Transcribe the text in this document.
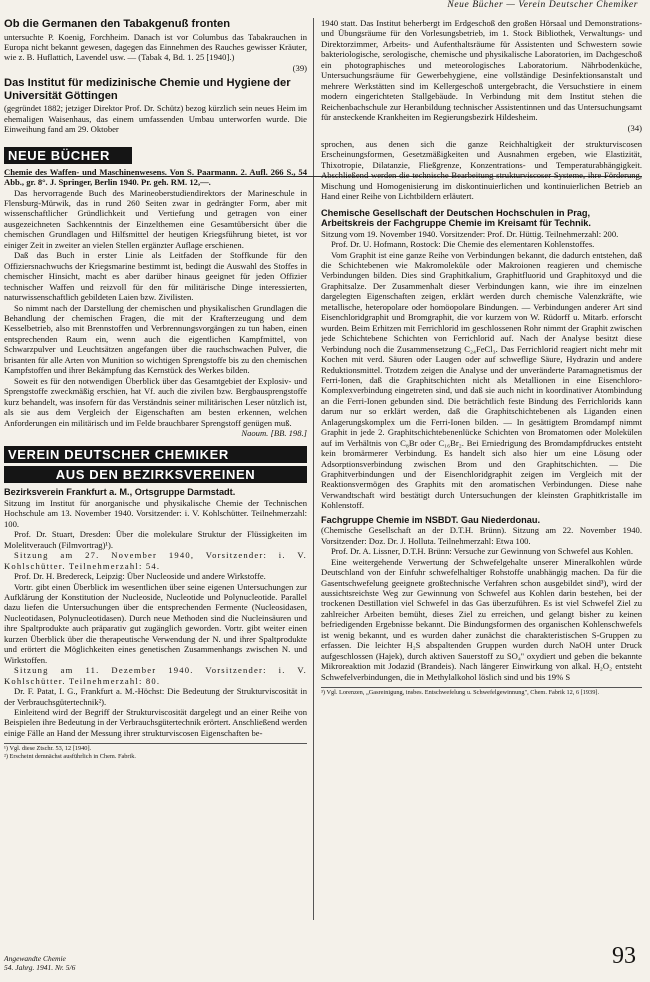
Neue Bücher — Verein Deutscher Chemiker
Ob die Germanen den Tabakgenuß fronten

untersuchte P. Koenig, Forchheim. Danach ist vor Columbus das Tabakrauchen in Europa nicht bekannt gewesen, dagegen das Einnehmen des Rauches gewisser Kräuter, wie z. B. Huflattich, Lavendel usw. — (Tabak 4, Bd. 1. 25 [1940].)

(39)

Das Institut für medizinische Chemie und Hygiene der Universität Göttingen

(gegründet 1882; jetziger Direktor Prof. Dr. Schütz) bezog kürzlich sein neues Heim im ehemaligen Waisenhaus, das einem umfassenden Umbau unterworfen wurde. Die Einweihung fand am 29. Oktober

NEUE BÜCHER

Chemie des Waffen- und Maschinenwesens. Von S. Paarmann. 2. Aufl. 266 S., 54 Abb., gr. 8°. J. Springer, Berlin 1940. Pr. geh. RM. 12,—.

Das hervorragende Buch des Marineoberstudiendirektors der Marineschule in Flensburg-Mürwik, das in rund 260 Seiten zwar in gedrängter Form, aber mit wissenschaftlicher Gründlichkeit und Vertiefung und getragen von einer ausgezeichneten Sachkenntnis der Einzelthemen eine Gesamtübersicht über die chemischen Grundlagen und Hilfsmittel der heutigen Kriegsführung bietet, ist vor einiger Zeit in zweiter an vielen Stellen ergänzter Auflage erschienen.

Daß das Buch in erster Linie als Leitfaden der Stoffkunde für den Offiziersnachwuchs der Kriegsmarine bestimmt ist, bedingt die Auswahl des Stoffes in chemischer Hinsicht, macht es aber darüber hinaus geeignet für jeden Offizier technischer Waffen und reizvoll für den für militärische Dinge interessierten, naturwissenschaftlich gebildeten Laien bzw. Zivilisten.

So nimmt nach der Darstellung der chemischen und physikalischen Grundlagen die Behandlung der chemischen Fragen, die mit der Krafterzeugung und dem Kesselbetrieb, also mit Brennstoffen und Verbrennungsvorgängen zu tun haben, einen entsprechenden Raum ein, wenn auch die eigentlichen Kampfmittel, von Schwarzpulver und Leuchtsätzen angefangen über die rauchschwachen Pulver, die brisanten für alle Arten von Munition so wichtigen Sprengstoffe bis zu den chemischen Kampfstoffen und ihrer Bekämpfung das Kernstück des Werkes bilden.

Soweit es für den notwendigen Überblick über das Gesamtgebiet der Explosiv- und Sprengstoffe zweckmäßig erschien, hat Vf. auch die zivilen bzw. Bergbausprengstoffe kurz behandelt, was insofern für das Verständnis seiner militärischen Leser nützlich ist, als sie aus dem Vergleich der Eigenschaften am besten erkennen, welchen Anforderungen ein militärisch und im Felde brauchbarer Sprengstoff genügen muß.

Naoum. [BB. 198.]

VEREIN DEUTSCHER CHEMIKER
AUS DEN BEZIRKSVEREINEN

Bezirksverein Frankfurt a. M., Ortsgruppe Darmstadt.

Sitzung im Institut für anorganische und physikalische Chemie der Technischen Hochschule am 13. November 1940. Vorsitzender: i. V. Kohlschütter. Teilnehmerzahl: 100.

Prof. Dr. Stuart, Dresden: Über die molekulare Struktur der Flüssigkeiten im Molelitverauch (Filmvortrag)¹).

Sitzung am 27. November 1940, Vorsitzender: i. V. Kohlschütter. Teilnehmerzahl: 54.

Prof. Dr. H. Bredereck, Leipzig: Über Nucleoside und andere Wirkstoffe.

Vortr. gibt einen Überblick im wesentlichen über seine eigenen Untersuchungen zur Aufklärung der Konstitution der Nucleoside, Nucleotide und Polynucleotide. Parallel dazu liefen die Untersuchungen über die entsprechenden Fermente (Nucleosidasen, Nucleotidasen, Polynucleotidasen). Durch neue Methoden sind die Nucleinsäuren und ihre Spaltprodukte auch präparativ gut zugänglich geworden. Vortr. gibt weiter einen kurzen Überblick über die therapeutische Verwendung der N. und ihrer Spaltprodukte und erörtert die Möglichkeiten eines genetischen Zusammenhangs zwischen N. und Wirkstoffen.

Sitzung am 11. Dezember 1940. Vorsitzender: i. V. Kohlschütter. Teilnehmerzahl: 80.

Dr. F. Patat, I. G., Frankfurt a. M.-Höchst: Die Bedeutung der Strukturviscosität in der Verbrauchsgütertechnik²).

Einleitend wird der Begriff der Strukturviscosität dargelegt und an einer Reihe von Beispielen ihre Bedeutung in der Verbrauchsgütertechnik erörtert. Anschließend werden einige Fälle an Hand der Messung ihrer strukturviscosen Eigenschaften be-

¹) Vgl. diese Ztschr. 53, 12 [1940].
²) Erscheint demnächst ausführlich in Chem. Fabrik.

1940 statt. Das Institut beherbergt im Erdgeschoß den großen Hörsaal und Demonstrations- und Übungsräume für den Vorlesungsbetrieb, im 1. Stock Bibliothek, Verwaltungs- und Direktorzimmer, Arbeits- und Aufenthaltsräume für Assistenten und Schwestern sowie bakteriologische, serologische, chemische und physikalische Laboratorien, im Dachgeschoß ein photographisches und meteorologisches Laboratorium. Nährbodenküche, Untersuchungsräume für Gewerbehygiene, eine vollständige Desinfektionsanstalt und mehrere Werkstätten sind im Kellergeschoß untergebracht, die Versuchstiere in einem modern eingerichteten Stallgebäude. In Verbindung mit dem Institut stehen die Reichenbachschule zur Heranbildung technischer Assistentinnen und das Untersuchungsamt für ansteckende Krankheiten im Regierungsbezirk Hildesheim.

(34)

sprochen, aus denen sich die ganze Reichhaltigkeit der strukturviscosen Erscheinungsformen, Gesetzmäßigkeiten und Ausnahmen ergeben, wie Elastizität, Thixotropie, Dilatanzie, Fließgrenze, Konzentrations- und Temperaturabhängigkeit. Abschließend werden die technische Bearbeitung strukturviscoser Systeme, ihre Förderung, Mischung und Homogenisierung im diskontinuierlichen und kontinuierlichen Betrieb an Hand einer Reihe von Lichtbildern erläutert.

Chemische Gesellschaft der Deutschen Hochschulen in Prag, Arbeitskreis der Fachgruppe Chemie im Kreisamt für Technik.

Sitzung vom 19. November 1940. Vorsitzender: Prof. Dr. Hüttig. Teilnehmerzahl: 200.

Prof. Dr. U. Hofmann, Rostock: Die Chemie des elementaren Kohlenstoffes.

Vom Graphit ist eine ganze Reihe von Verbindungen bekannt, die dadurch entstehen, daß die Schichtebenen wie Makromoleküle oder Makroionen reagieren und chemische Verbindungen bilden. Dies sind Graphitkalium, Graphitfluorid und Graphitoxyd und die Graphitsalze. Der Zusammenhalt dieser Verbindungen kann, wie ihre im einzelnen dargelegten Eigenschaften zeigen, erklärt werden durch chemische Valenzkräfte, wie metallische, heteropolare oder homöopolare Bindungen. — Verbindungen anderer Art sind Eisenchloridgraphit und Bromgraphit, die vor kurzem von W. Rüdorff u. Mitarb. erforscht wurden. Beim Erhitzen mit Ferrichlorid im geschlossenen Rohr nimmt der Graphit zwischen jede Schichtebene Schichten von Ferrichlorid auf. Nach der Analyse besitzt diese Verbindung noch die Zusammensetzung C₂₄FeCl₃. Das Ferrichlorid reagiert nicht mehr mit Kochen mit verd. Säuren oder Laugen oder auf schweflige Säure, Hydrazin und andere Reduktionsmittel. Trotzdem zeigen die Analyse und der unveränderte Paramagnetismus der Ferri-Ionen, daß die Graphitschichten nicht als Metallionen in eine Eisenchloro-Komplexverbindung eingetreten sind, und daß sie auch nicht in koordinativer Atombindung an die Ferri-Ionen gebunden sind. Die beträchtlich feste Bindung des Ferrichlorids kann darum nur so erklärt werden, daß die Graphitschichtebenen als Liganden einen Anlagerungskomplex um die Ferri-Ionen bilden. — In gesättigtem Bromdampf nimmt Graphit in jede 2. Graphitschichtebenenlücke Schichten von Bromatomen oder Molekülen auf im Verhältnis von C₈Br oder C₁₆Br₂. Bei Erniedrigung des Bromdampfdruckes entsteht kein bromärmerer Verbindung. Es handelt sich also hier um eine Lösung oder Adsorptionsverbindung zwischen Brom und den Graphitschichten. — Die Graphitverbindungen und der Eisenchloridgraphit zeigen im Vergleich mit der Reaktionsvermögen des Graphits mit den aromatischen Verbindungen. Diese nahe Verwandtschaft wird bestätigt durch Untersuchungen der kleinsten Graphitkristalle im Kohlenstoff.

Fachgruppe Chemie im NSBDT. Gau Niederdonau.

(Chemische Gesellschaft an der D.T.H. Brünn). Sitzung am 22. November 1940. Vorsitzender: Doz. Dr. J. Holluta. Teilnehmerzahl: Etwa 100.

Prof. Dr. A. Lissner, D.T.H. Brünn: Versuche zur Gewinnung von Schwefel aus Kohlen.

Eine weitergehende Verwertung der Schwefelgehalte unserer Mineralkohlen würde Deutschland von der Einfuhr schwefelhaltiger Rohstoffe unabhängig machen. Da für die Gasentschwefelung geeignete großtechnische Verfahren schon ausgebildet sind³), wird der aussichtsreichste Weg zur Gewinnung von Schwefel aus Kohlen darin bestehen, bei der trockenen Destillation viel Schwefel in das Gas überzuführen. Es ist viel Schwefel Ziel zu zahlreicher Arbeiten bemüht, dieses Ziel zu erreichen, und gelangt bisher zu keinen befriedigenden Ergebnisse bekannt. Die Bindungsformen des organischen Kohlenschwefels ist wenig bekannt, und es wurden daher zunächst die charakteristischen S-Gruppen zu erfassen. Die leichter H₂S abspaltenden Gruppen wurden durch NaOH unter Druck aufgeschlossen (Hajek), durch aktiven Sauerstoff zu SO₄'' oxydiert und geben die bekannte Mikroreaktion mit Jodazid (Brandeis). Nach längerer Einwirkung von alkal. H₂O₂ entsteht Schwefelverbindungen, die in Methylalkohol löslich sind und bis 19% S

³) Vgl. Lorenzen, „Gasreinigung, insbes. Entschwefelung u. Schwefelgewinnung", Chem. Fabrik 12, 6 [1939].
Angewandte Chemie
54. Jahrg. 1941. Nr. 5/6	93
